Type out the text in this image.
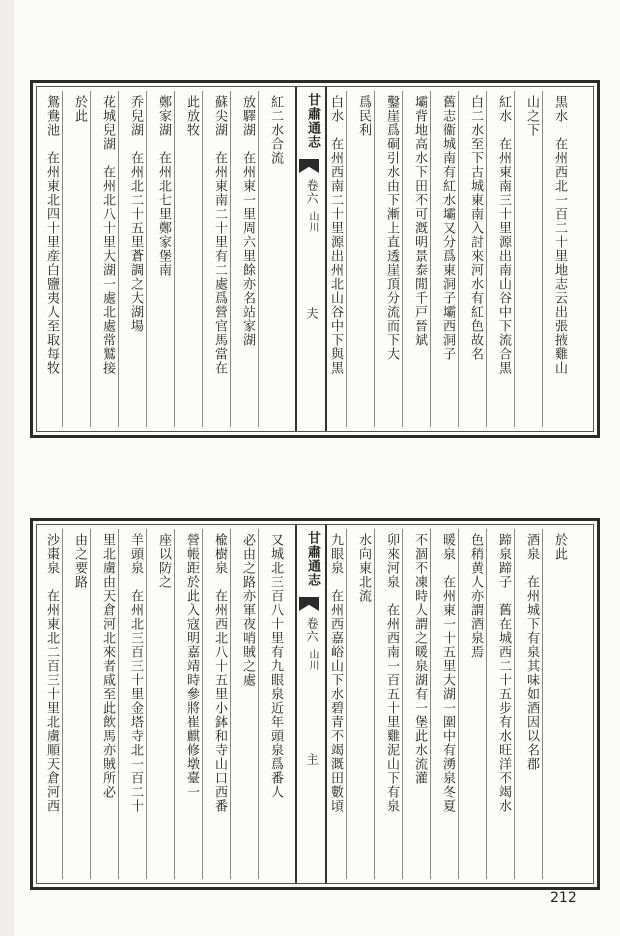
黒水　在州西北一百二十里地志云出張掖雞山
山之下
紅水　在州東南三十里源出南山谷中下流合黒
白二水至下古城東南入討來河水有紅色故名
舊志衞城南有紅水壩又分爲東洞子壩西洞子
壩背地高水下田不可漑明景泰閒千戸晉斌
鑿崖爲硐引水由下漸上直透崖頂分流而下大
爲民利
白水　在州西南二十里源出州北山谷中下與黒
甘肅通志
卷六
山川
夫
紅二水合流
放驛湖　在州東一里周六里餘亦名站家湖
蘇尖湖　在州東南二十里有二處爲營官馬當在
此放牧
鄭家湖　在州北七里鄭家堡南
乔兒湖　在州北二十五里蒼調之大湖場
花城兒湖　在州北八十里大湖一處北處常鷲接
於此
鴛鴦池　在州東北四十里産白鹽夷人至取每牧
於此
酒泉　在州城下有泉其味如酒因以名郡
蹄泉蹄子　舊在城西二十五步有水旺洋不竭水
色稍黄人亦謂酒泉焉
暖泉　在州東一十五里大湖一圍中有湧泉冬夏
不涸不凍時人謂之暖泉湖有一堡此水流灌
卯來河泉　在州西南一百五十里雞泥山下有泉
水向東北流
九眼泉　在州西嘉峪山下水碧青不竭溉田數頃
甘肅通志
卷六
山川
主
又城北三百八十里有九眼泉近年頭泉爲番人
必由之路亦軍夜哨賊之處
楡樹泉　在州西北八十五里小鉢和寺山口西番
營帳距於此入寇明嘉靖時參將崔麒修墩臺一
座以防之
羊頭泉　在州北三百三十里金塔寺北一百二十
里北虜由天倉河北來者咸至此飲馬亦賊所必
由之要路
沙棗泉　在州東北二百三十里北虜順天倉河西
212
